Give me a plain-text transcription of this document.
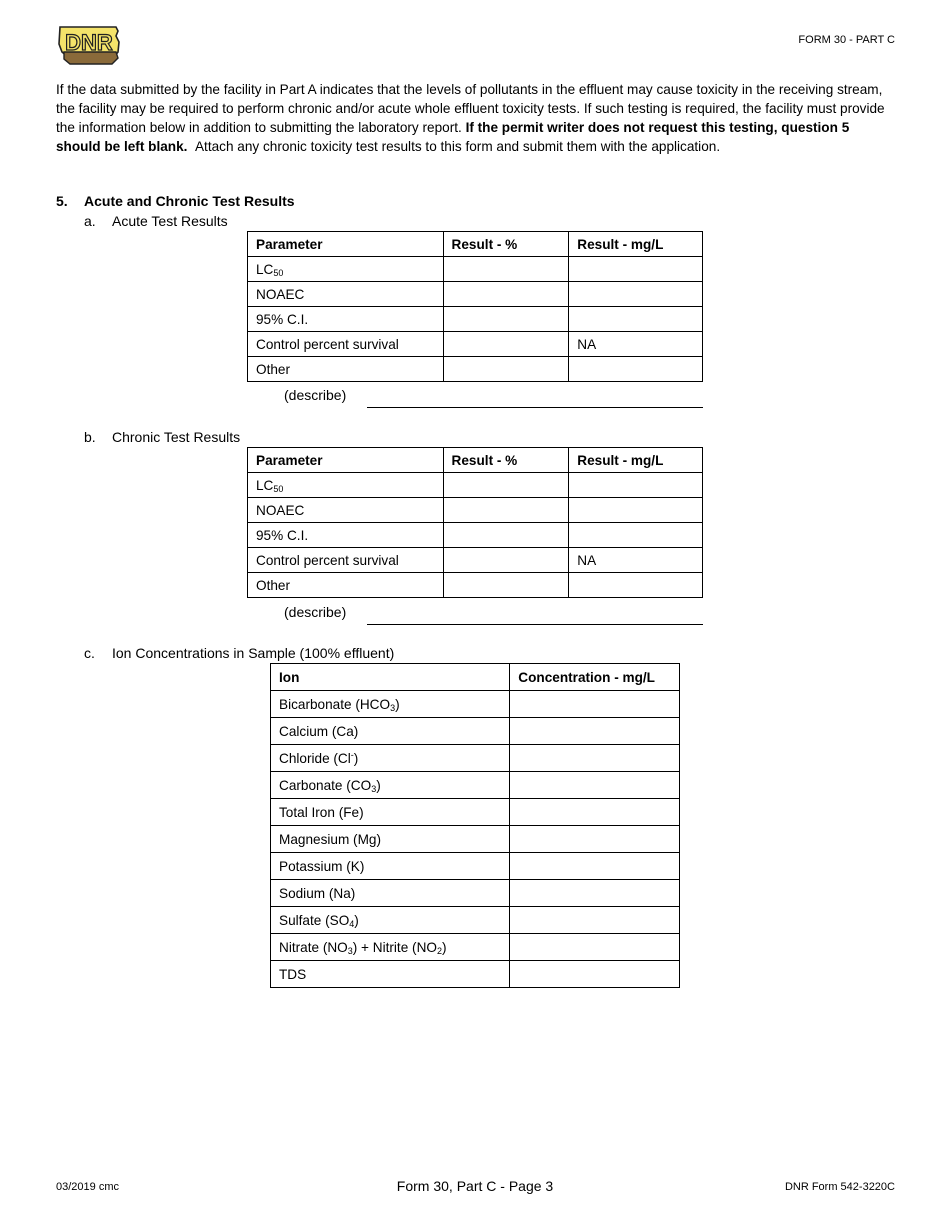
DNR	FORM 30 - PART C
If the data submitted by the facility in Part A indicates that the levels of pollutants in the effluent may cause toxicity in the receiving stream, the facility may be required to perform chronic and/or acute whole effluent toxicity tests. If such testing is required, the facility must provide the information below in addition to submitting the laboratory report. If the permit writer does not request this testing, question 5 should be left blank. Attach any chronic toxicity test results to this form and submit them with the application.
5. Acute and Chronic Test Results
a. Acute Test Results
Parameter	Result - %	Result - mg/L
$LC_{50}$		
NOAEC		
95% C.I.		
Control percent survival		NA
Other		
(describe)
b. Chronic Test Results
Parameter	Result - %	Result - mg/L
$LC_{50}$		
NOAEC		
95% C.I.		
Control percent survival		NA
Other		
(describe)
c. Ion Concentrations in Sample (100% effluent)
Ion	Concentration - mg/L
Bicarbonate $(HCO_3)$	
Calcium (Ca)	
Chloride (Cl-)	
Carbonate $(CO_3)$	
Total Iron (Fe)	
Magnesium (Mg)	
Potassium (K)	
Sodium (Na)	
Sulfate $(SO_4)$	
Nitrate $(NO_3)$ + Nitrite $(NO_2)$	
TDS	
03/2019 cmc	Form 30, Part C - Page 3	DNR Form 542-3220C
